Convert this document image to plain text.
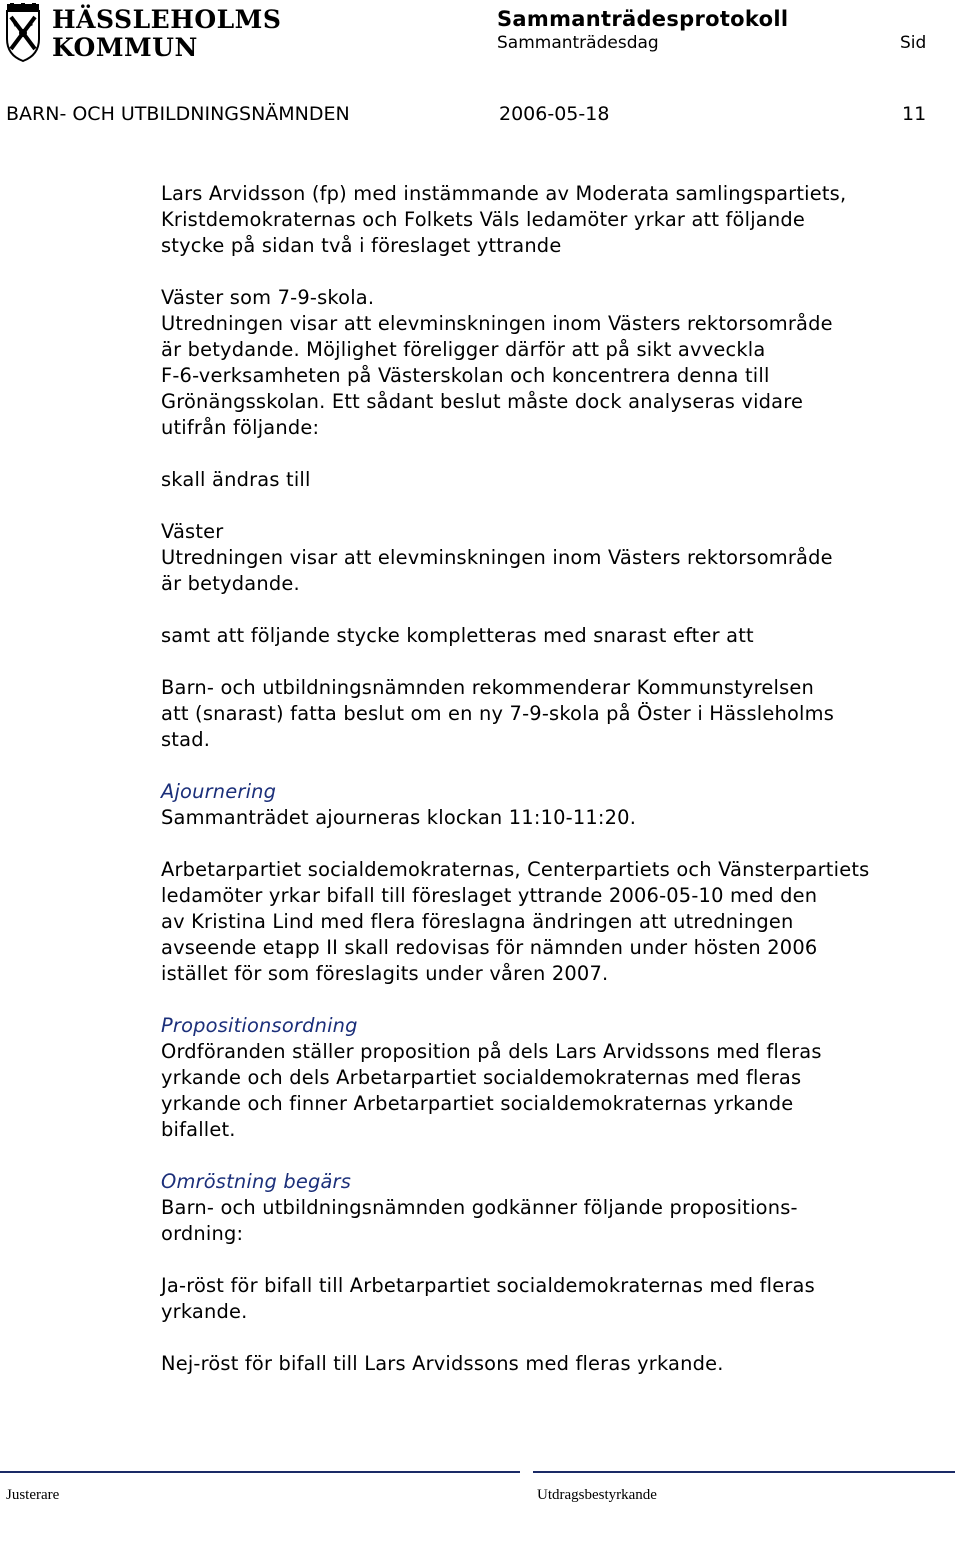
HÄSSLEHOLMS
KOMMUN
Sammanträdesprotokoll
Sammanträdesdag	Sid
BARN- OCH UTBILDNINGSNÄMNDEN	2006-05-18	11

Lars Arvidsson (fp) med instämmande av Moderata samlingspartiets,
Kristdemokraternas och Folkets Väls ledamöter yrkar att följande
stycke på sidan två i föreslaget yttrande

Väster som 7-9-skola.
Utredningen visar att elevminskningen inom Västers rektorsområde
är betydande. Möjlighet föreligger därför att på sikt avveckla
F-6-verksamheten på Västerskolan och koncentrera denna till
Grönängsskolan. Ett sådant beslut måste dock analyseras vidare
utifrån följande:

skall ändras till

Väster
Utredningen visar att elevminskningen inom Västers rektorsområde
är betydande.

samt att följande stycke kompletteras med snarast efter att

Barn- och utbildningsnämnden rekommenderar Kommunstyrelsen
att (snarast) fatta beslut om en ny 7-9-skola på Öster i Hässleholms
stad.

Ajournering

Sammanträdet ajourneras klockan 11:10-11:20.

Arbetarpartiet socialdemokraternas, Centerpartiets och Vänsterpartiets
ledamöter yrkar bifall till föreslaget yttrande 2006-05-10 med den
av Kristina Lind med flera föreslagna ändringen att utredningen
avseende etapp II skall redovisas för nämnden under hösten 2006
istället för som föreslagits under våren 2007.

Propositionsordning

Ordföranden ställer proposition på dels Lars Arvidssons med fleras
yrkande och dels Arbetarpartiet socialdemokraternas med fleras
yrkande och finner Arbetarpartiet socialdemokraternas yrkande
bifallet.

Omröstning begärs

Barn- och utbildningsnämnden godkänner följande propositions-
ordning:

Ja-röst för bifall till Arbetarpartiet socialdemokraternas med fleras
yrkande.

Nej-röst för bifall till Lars Arvidssons med fleras yrkande.

Justerare	Utdragsbestyrkande
